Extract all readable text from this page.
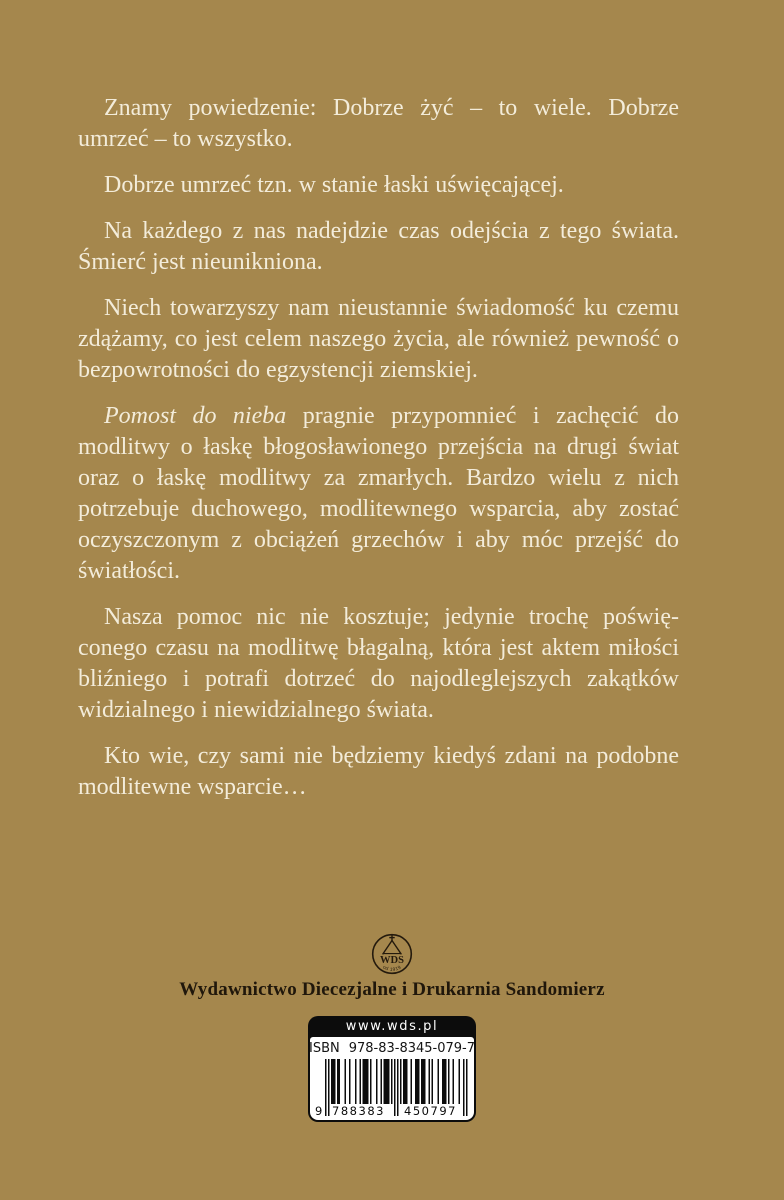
Znamy powiedzenie: Dobrze żyć – to wiele. Dobrze umrzeć – to wszystko.

Dobrze umrzeć tzn. w stanie łaski uświęcającej.

Na każdego z nas nadejdzie czas odejścia z tego świata. Śmierć jest nieunikniona.

Niech towarzyszy nam nieustannie świadomość ku czemu zdążamy, co jest celem naszego życia, ale również pewność o bezpowrotności do egzystencji ziemskiej.

Pomost do nieba pragnie przypomnieć i zachęcić do modlitwy o łaskę błogosławionego przejścia na drugi świat oraz o łaskę modlitwy za zmarłych. Bardzo wielu z nich potrzebuje duchowego, modlitewnego wsparcia, aby zostać oczyszczonym z obciążeń grzechów i aby móc przejść do światłości.

Nasza pomoc nic nie kosztuje; jedynie trochę poświęconego czasu na modlitwę błagalną, która jest aktem miłości bliźniego i potrafi dotrzeć do najodleglejszych zakątków widzialnego i niewidzialnego świata.

Kto wie, czy sami nie będziemy kiedyś zdani na podobne modlitewne wsparcie…

WDS
od 1919
Wydawnictwo Diecezjalne i Drukarnia Sandomierz
www.wds.pl
ISBN 978-83-8345-079-7
9 788383	450797
